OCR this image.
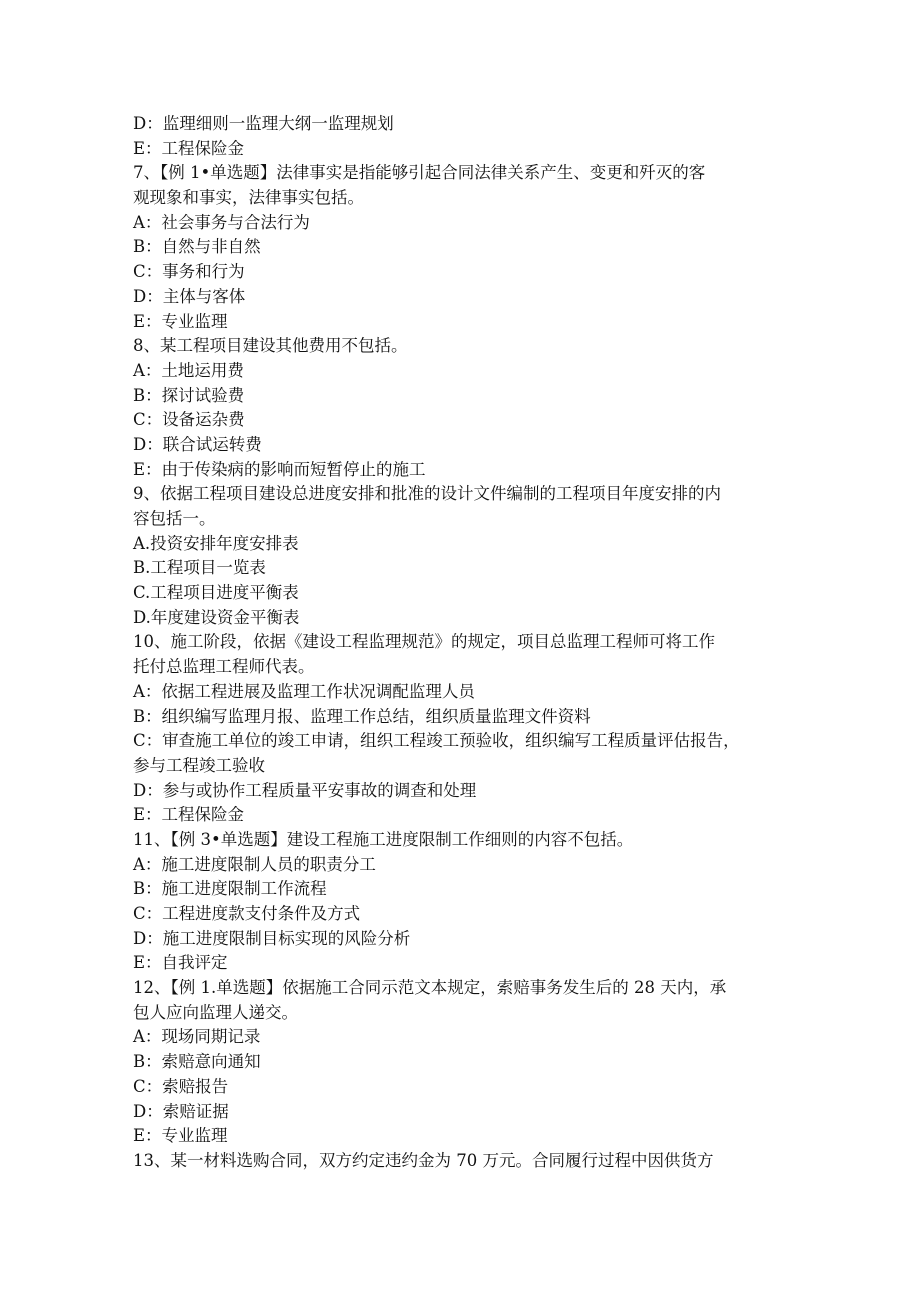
D：监理细则一监理大纲一监理规划
E：工程保险金
7、【例 1•单选题】法律事实是指能够引起合同法律关系产生、变更和歼灭的客
观现象和事实，法律事实包括。
A：社会事务与合法行为
B：自然与非自然
C：事务和行为
D：主体与客体
E：专业监理
8、某工程项目建设其他费用不包括。
A：土地运用费
B：探讨试验费
C：设备运杂费
D：联合试运转费
E：由于传染病的影响而短暂停止的施工
9、依据工程项目建设总进度安排和批准的设计文件编制的工程项目年度安排的内
容包括一。
A.投资安排年度安排表
B.工程项目一览表
C.工程项目进度平衡表
D.年度建设资金平衡表
10、施工阶段，依据《建设工程监理规范》的规定，项目总监理工程师可将工作
托付总监理工程师代表。
A：依据工程进展及监理工作状况调配监理人员
B：组织编写监理月报、监理工作总结，组织质量监理文件资料
C：审查施工单位的竣工申请，组织工程竣工预验收，组织编写工程质量评估报告，
参与工程竣工验收
D：参与或协作工程质量平安事故的调查和处理
E：工程保险金
11、【例 3•单选题】建设工程施工进度限制工作细则的内容不包括。
A：施工进度限制人员的职责分工
B：施工进度限制工作流程
C：工程进度款支付条件及方式
D：施工进度限制目标实现的风险分析
E：自我评定
12、【例 1.单选题】依据施工合同示范文本规定，索赔事务发生后的 28 天内，承
包人应向监理人递交。
A：现场同期记录
B：索赔意向通知
C：索赔报告
D：索赔证据
E：专业监理
13、某一材料选购合同，双方约定违约金为 70 万元。合同履行过程中因供货方
